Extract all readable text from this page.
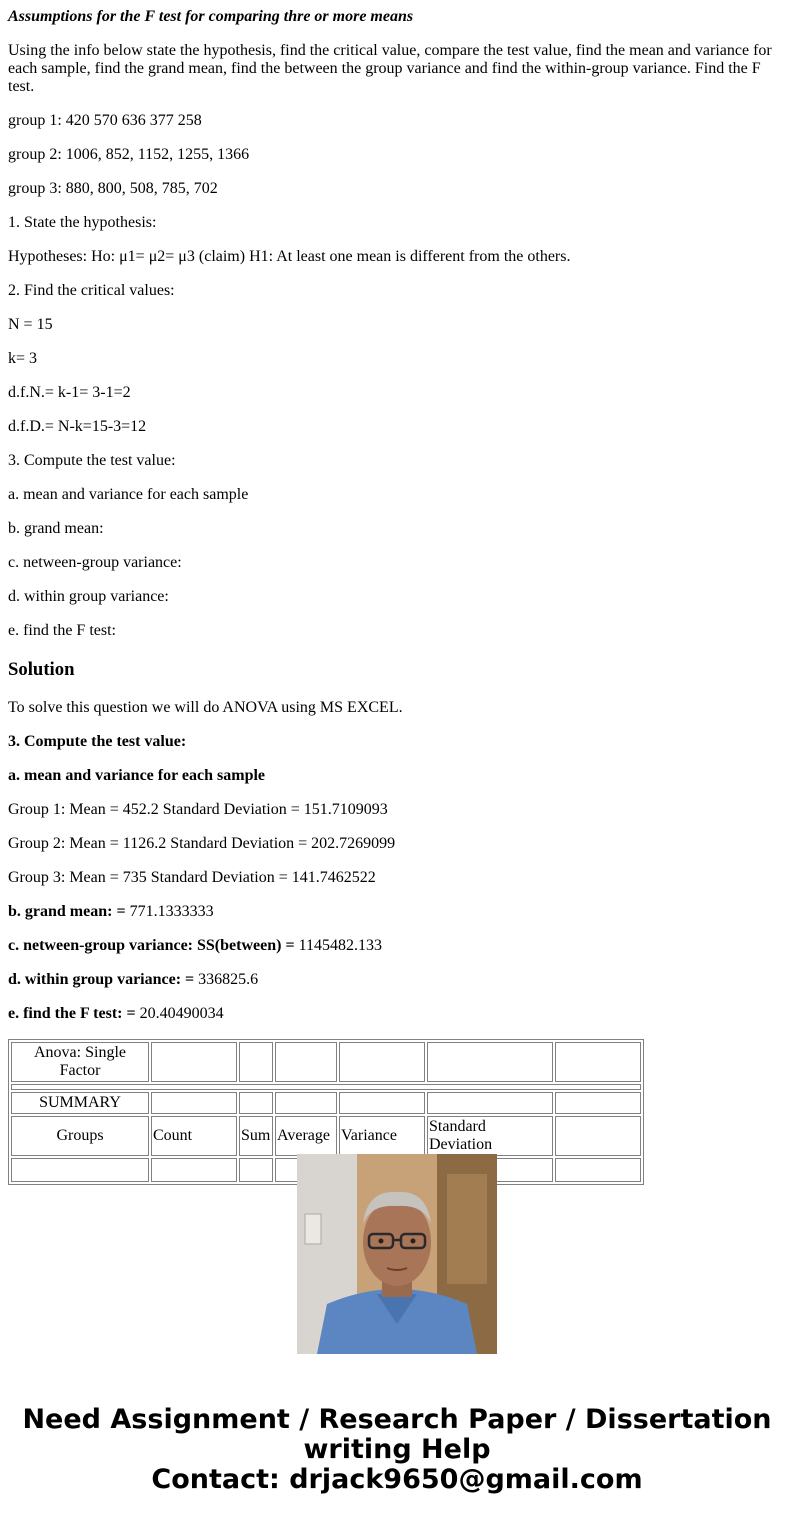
Assumptions for the F test for comparing thre or more means

Using the info below state the hypothesis, find the critical value, compare the test value, find the mean and variance for each sample, find the grand mean, find the between the group variance and find the within-group variance. Find the F test.

group 1: 420 570 636 377 258

group 2: 1006, 852, 1152, 1255, 1366

group 3: 880, 800, 508, 785, 702

1. State the hypothesis:

Hypotheses: Ho: μ1= μ2= μ3 (claim) H1: At least one mean is different from the others.

2. Find the critical values:

N = 15

k= 3

d.f.N.= k-1= 3-1=2

d.f.D.= N-k=15-3=12

3. Compute the test value:

a. mean and variance for each sample

b. grand mean:

c. netween-group variance:

d. within group variance:

e. find the F test:

Solution

To solve this question we will do ANOVA using MS EXCEL.

3. Compute the test value:

a. mean and variance for each sample

Group 1: Mean = 452.2 Standard Deviation = 151.7109093

Group 2: Mean = 1126.2 Standard Deviation = 202.7269099

Group 3: Mean = 735 Standard Deviation = 141.7462522

b. grand mean: = 771.1333333

c. netween-group variance: SS(between) = 1145482.133

d. within group variance: = 336825.6

e. find the F test: = 20.40490034

Anova: Single Factor						

SUMMARY						
Groups	Count	Sum	Average	Variance	Standard Deviation	

Need Assignment / Research Paper / Dissertation
writing Help
Contact: drjack9650@gmail.com
